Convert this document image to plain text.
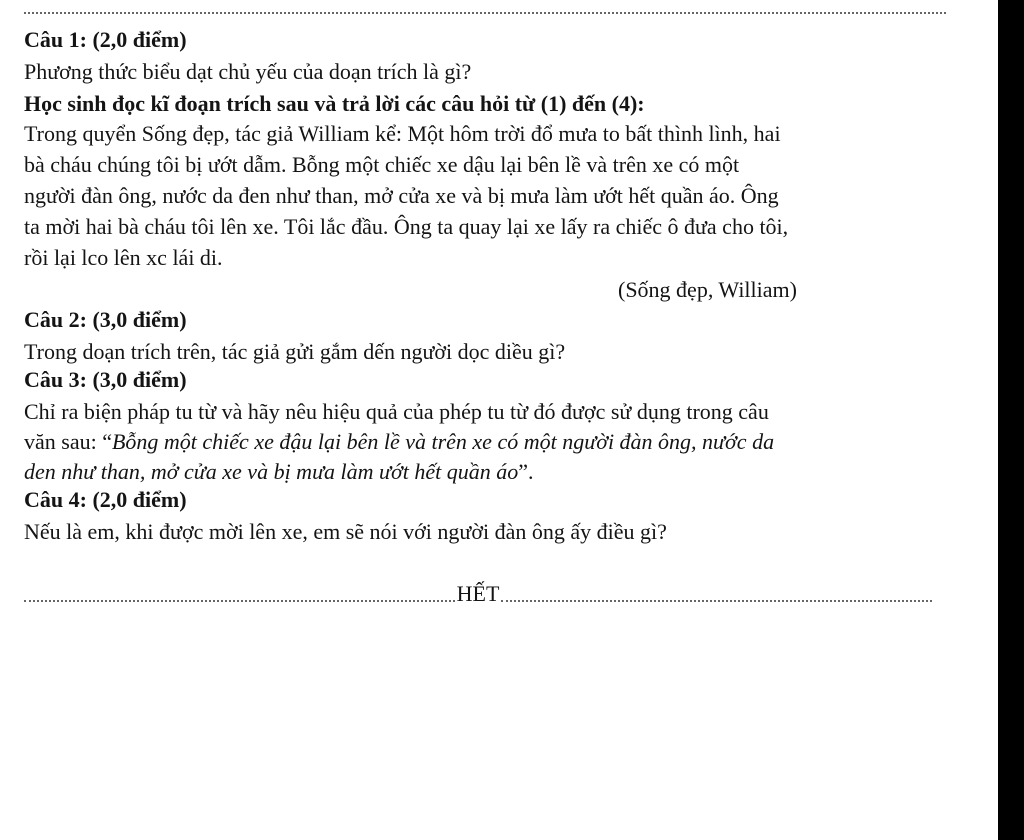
Câu 1: (2,0 điểm)
Phương thức biểu dạt chủ yếu của doạn trích là gì?
Học sinh đọc kĩ đoạn trích sau và trả lời các câu hỏi từ (1) đến (4):
Trong quyển Sống đẹp, tác giả William kể: Một hôm trời đổ mưa to bất thình lình, hai
bà cháu chúng tôi bị ướt dẫm. Bỗng một chiếc xe dậu lại bên lề và trên xe có một
người đàn ông, nước da đen như than, mở cửa xe và bị mưa làm ướt hết quần áo. Ông
ta mời hai bà cháu tôi lên xe. Tôi lắc đầu. Ông ta quay lại xe lấy ra chiếc ô đưa cho tôi,
rồi lại lco lên xc lái di.
(Sống đẹp, William)
Câu 2: (3,0 điểm)
Trong doạn trích trên, tác giả gửi gắm dến người dọc diều gì?
Câu 3: (3,0 điểm)
Chỉ ra biện pháp tu từ và hãy nêu hiệu quả của phép tu từ đó được sử dụng trong câu
văn sau: “Bỗng một chiếc xe đậu lại bên lề và trên xe có một người đàn ông, nước da
den như than, mở cửa xe và bị mưa làm ướt hết quần áo”.
Câu 4: (2,0 điểm)
Nếu là em, khi được mời lên xe, em sẽ nói với người đàn ông ấy điều gì?
HẾT
